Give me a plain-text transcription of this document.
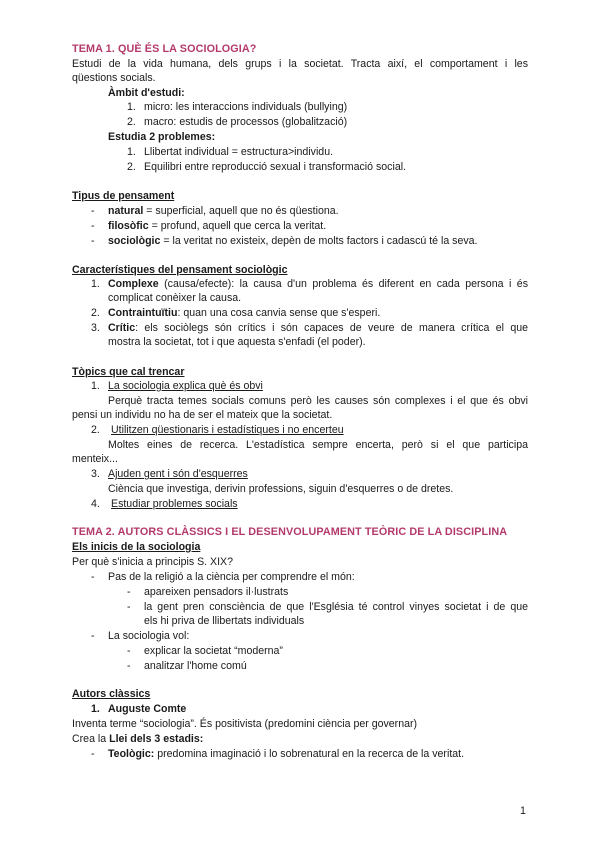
TEMA 1. QUÈ ÉS LA SOCIOLOGIA?
Estudi de la vida humana, dels grups i la societat. Tracta així, el comportament i les
qüestions socials.
Àmbit d'estudi:
1. micro: les interaccions individuals (bullying)
2. macro: estudis de processos (globalització)
Estudia 2 problemes:
1. Llibertat individual = estructura>individu.
2. Equilibri entre reproducció sexual i transformació social.
Tipus de pensament
- natural = superficial, aquell que no és qüestiona.
- filosòfic = profund, aquell que cerca la veritat.
- sociològic = la veritat no existeix, depèn de molts factors i cadascú té la seva.
Característiques del pensament sociològic
1. Complexe (causa/efecte): la causa d'un problema és diferent en cada persona i és
complicat conèixer la causa.
2. Contraintuïtiu: quan una cosa canvia sense que s'esperi.
3. Crític: els sociòlegs són crítics i són capaces de veure de manera crítica el que
mostra la societat, tot i que aquesta s'enfadi (el poder).
Tòpics que cal trencar
1. La sociologia explica què és obvi
Perquè tracta temes socials comuns però les causes són complexes i el que és obvi
pensi un individu no ha de ser el mateix que la societat.
2. Utilitzen qüestionaris i estadístiques i no encerteu
Moltes eines de recerca. L'estadística sempre encerta, però si el que participa
menteix...
3. Ajuden gent i són d'esquerres
Ciència que investiga, derivin professions, siguin d'esquerres o de dretes.
4. Estudiar problemes socials
TEMA 2. AUTORS CLÀSSICS I EL DESENVOLUPAMENT TEÒRIC DE LA DISCIPLINA
Els inicis de la sociologia
Per què s'inicia a principis S. XIX?
- Pas de la religió a la ciència per comprendre el món:
- apareixen pensadors il·lustrats
- la gent pren consciència de que l'Església té control vinyes societat i de que
els hi priva de llibertats individuals
- La sociologia vol:
- explicar la societat “moderna”
- analitzar l'home comú
Autors clàssics
1. Auguste Comte
Inventa terme “sociologia”. És positivista (predomini ciència per governar)
Crea la Llei dels 3 estadis:
- Teològic: predomina imaginació i lo sobrenatural en la recerca de la veritat.
1
